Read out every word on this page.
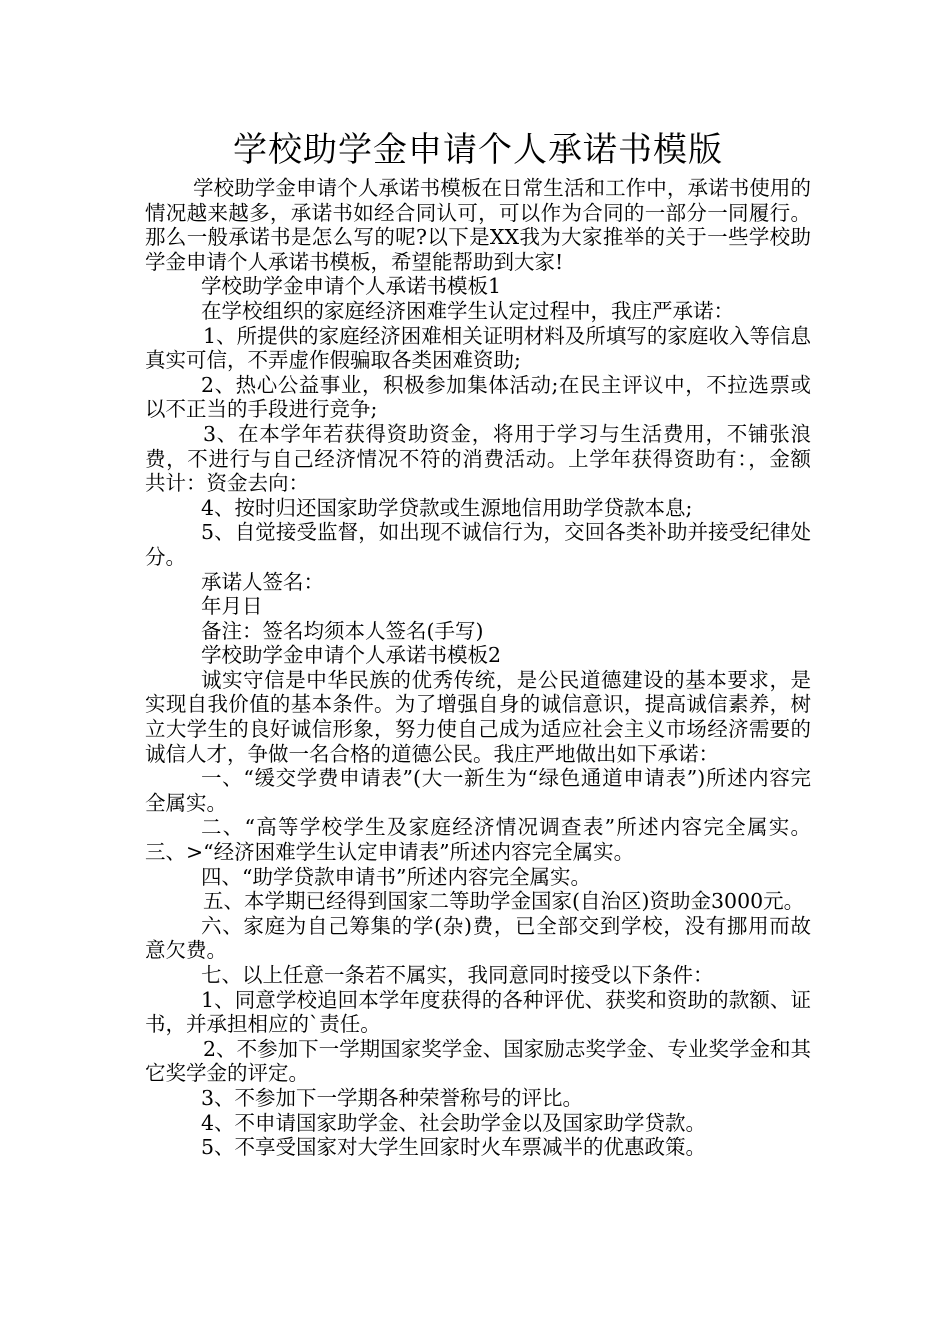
学校助学金申请个人承诺书模版

学校助学金申请个人承诺书模板在日常生活和工作中，承诺书使用的情况越来越多，承诺书如经合同认可，可以作为合同的一部分一同履行。那么一般承诺书是怎么写的呢?以下是XX我为大家推举的关于一些学校助学金申请个人承诺书模板，希望能帮助到大家!

学校助学金申请个人承诺书模板1

在学校组织的家庭经济困难学生认定过程中，我庄严承诺：

1、所提供的家庭经济困难相关证明材料及所填写的家庭收入等信息真实可信，不弄虚作假骗取各类困难资助;

2、热心公益事业，积极参加集体活动;在民主评议中，不拉选票或以不正当的手段进行竞争;

3、在本学年若获得资助资金，将用于学习与生活费用，不铺张浪费，不进行与自己经济情况不符的消费活动。上学年获得资助有：，金额共计：资金去向：

4、按时归还国家助学贷款或生源地信用助学贷款本息;

5、自觉接受监督，如出现不诚信行为，交回各类补助并接受纪律处分。

承诺人签名：

年月日

备注：签名均须本人签名(手写)

学校助学金申请个人承诺书模板2

诚实守信是中华民族的优秀传统，是公民道德建设的基本要求，是实现自我价值的基本条件。为了增强自身的诚信意识，提高诚信素养，树立大学生的良好诚信形象，努力使自己成为适应社会主义市场经济需要的诚信人才，争做一名合格的道德公民。我庄严地做出如下承诺：

一、“缓交学费申请表”(大一新生为“绿色通道申请表”)所述内容完全属实。

二、“高等学校学生及家庭经济情况调查表”所述内容完全属实。三、>“经济困难学生认定申请表”所述内容完全属实。

四、“助学贷款申请书”所述内容完全属实。

五、本学期已经得到国家二等助学金国家(自治区)资助金3000元。

六、家庭为自己筹集的学(杂)费，已全部交到学校，没有挪用而故意欠费。

七、以上任意一条若不属实，我同意同时接受以下条件：

1、同意学校追回本学年度获得的各种评优、获奖和资助的款额、证书，并承担相应的`责任。

2、不参加下一学期国家奖学金、国家励志奖学金、专业奖学金和其它奖学金的评定。

3、不参加下一学期各种荣誉称号的评比。

4、不申请国家助学金、社会助学金以及国家助学贷款。

5、不享受国家对大学生回家时火车票减半的优惠政策。
